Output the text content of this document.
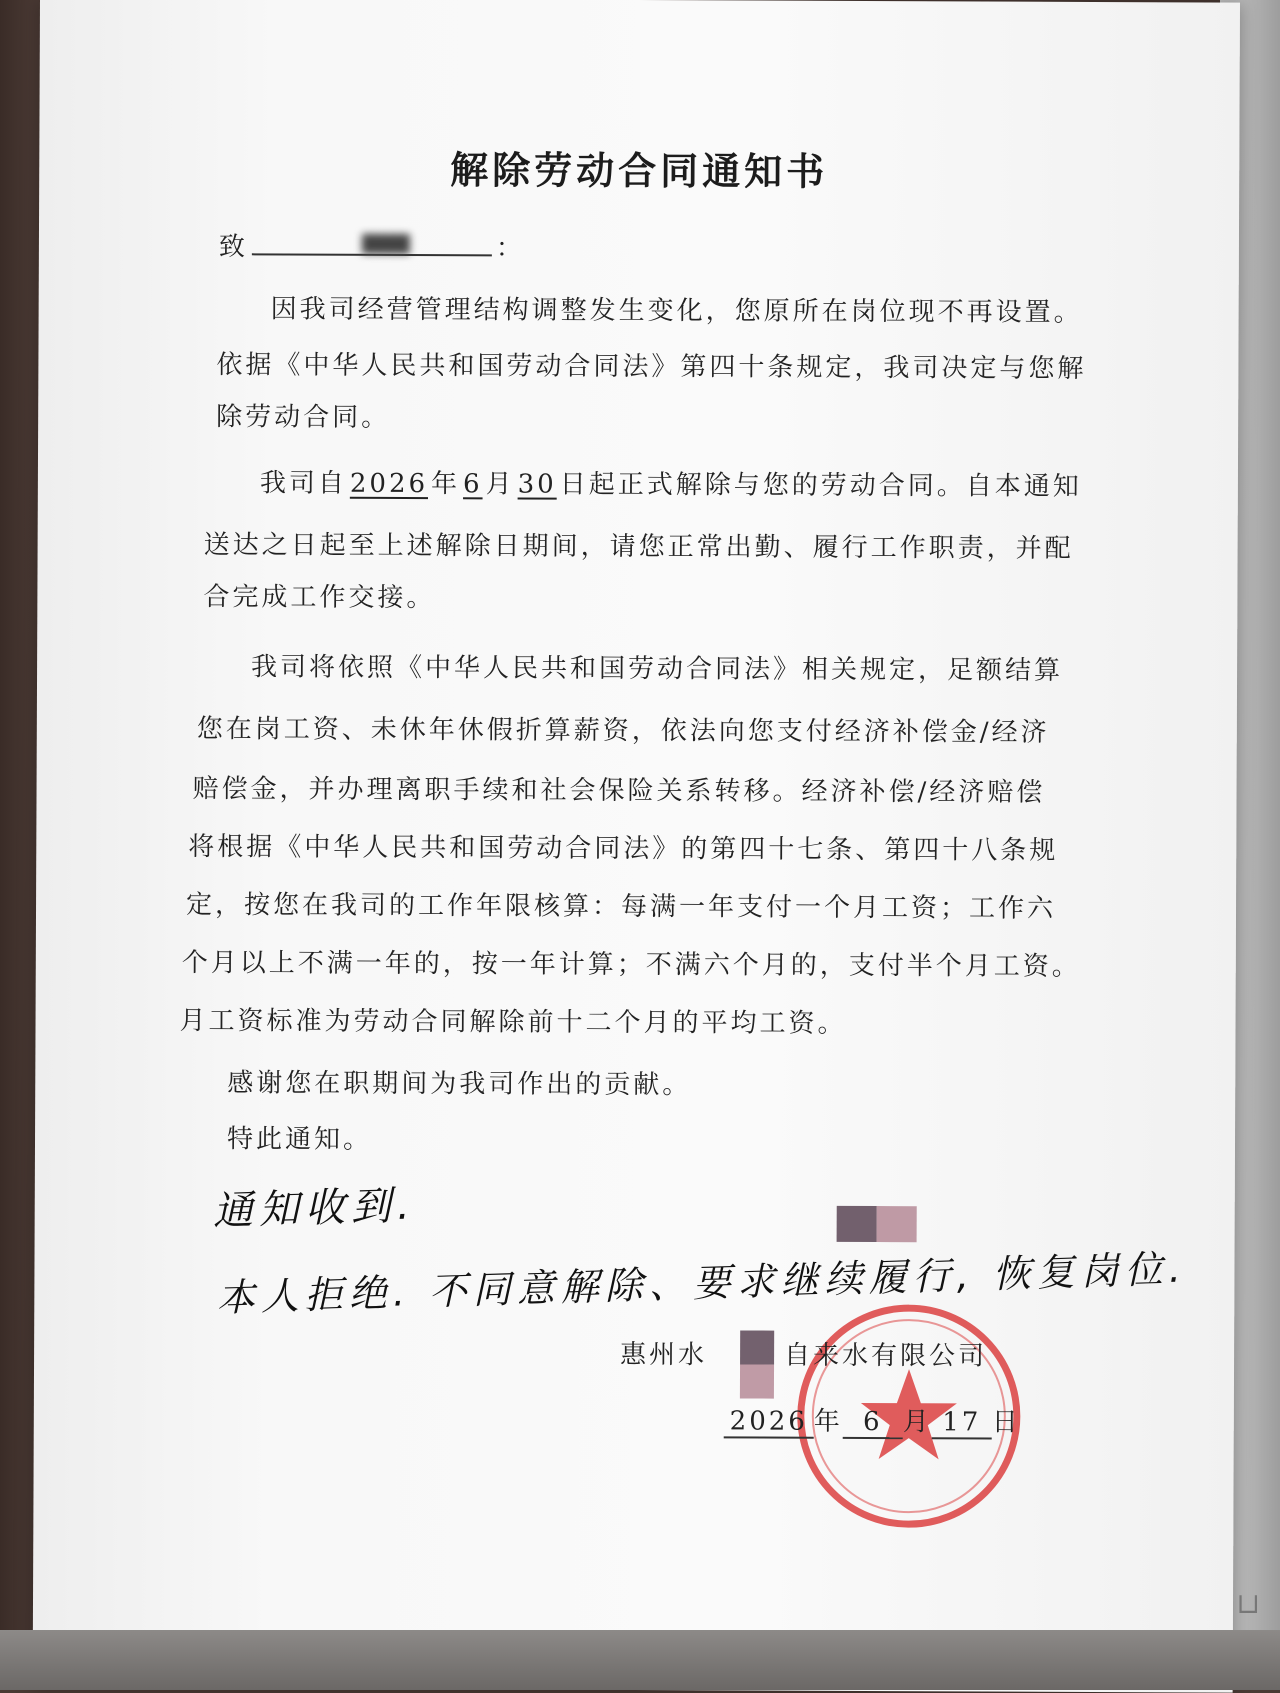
解除劳动合同通知书
致	：
因我司经营管理结构调整发生变化，您原所在岗位现不再设置。
依据《中华人民共和国劳动合同法》第四十条规定，我司决定与您解
除劳动合同。
我司自 2026 年 6 月 30 日起正式解除与您的劳动合同。自本通知
送达之日起至上述解除日期间，请您正常出勤、履行工作职责，并配
合完成工作交接。
我司将依照《中华人民共和国劳动合同法》相关规定，足额结算
您在岗工资、未休年休假折算薪资，依法向您支付经济补偿金/经济
赔偿金，并办理离职手续和社会保险关系转移。经济补偿/经济赔偿
将根据《中华人民共和国劳动合同法》的第四十七条、第四十八条规
定，按您在我司的工作年限核算：每满一年支付一个月工资；工作六
个月以上不满一年的，按一年计算；不满六个月的，支付半个月工资。
月工资标准为劳动合同解除前十二个月的平均工资。
感谢您在职期间为我司作出的贡献。
特此通知。
通知收到.
本人拒绝. 不同意解除、要求继续履行, 恢复岗位.
惠州水	自来水有限公司
2026 年 6 月 17 日
⊔
